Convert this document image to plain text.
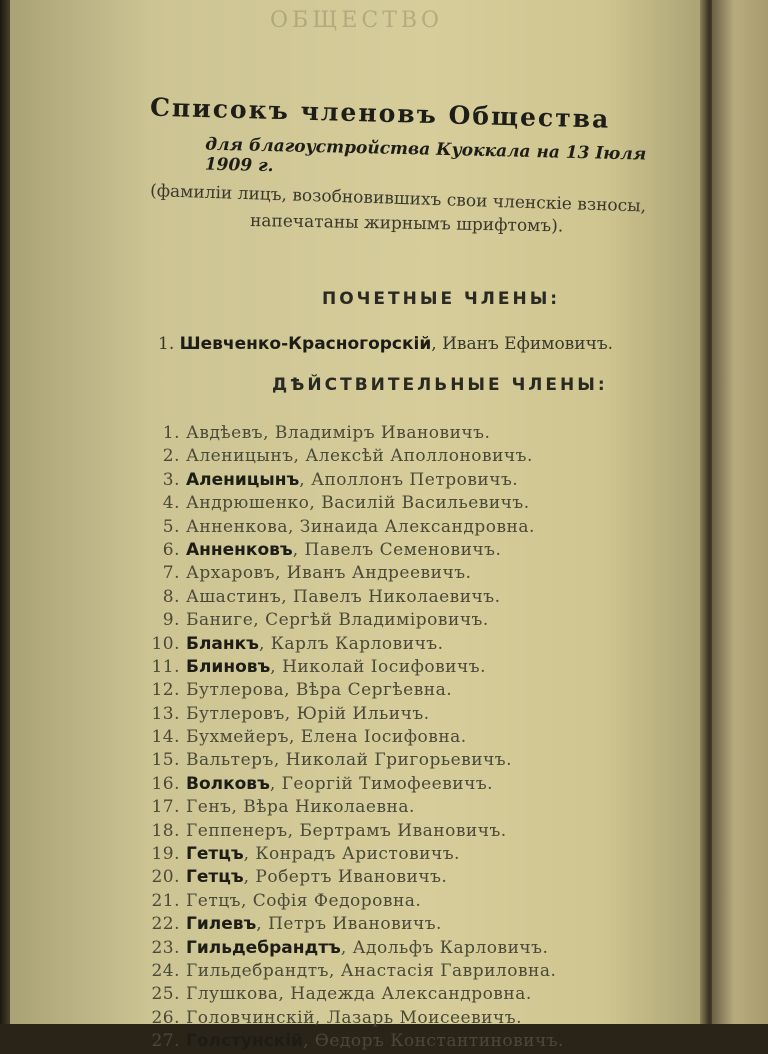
ОБЩЕСТВО
Списокъ членовъ Общества
для благоустройства Куоккала на 13 Іюля 1909 г.
(фамиліи лицъ, возобновившихъ свои членскіе взносы,
напечатаны жирнымъ шрифтомъ).
ПОЧЕТНЫЕ ЧЛЕНЫ:
1. Шевченко-Красногорскій, Иванъ Ефимовичъ.
ДѢЙСТВИТЕЛЬНЫЕ ЧЛЕНЫ:
1. Авдѣевъ, Владиміръ Ивановичъ.
2. Аленицынъ, Алексѣй Аполлоновичъ.
3. Аленицынъ, Аполлонъ Петровичъ.
4. Андрюшенко, Василій Васильевичъ.
5. Анненкова, Зинаида Александровна.
6. Анненковъ, Павелъ Семеновичъ.
7. Архаровъ, Иванъ Андреевичъ.
8. Ашастинъ, Павелъ Николаевичъ.
9. Банигe, Сергѣй Владиміровичъ.
10. Бланкъ, Карлъ Карловичъ.
11. Блиновъ, Николай Іосифовичъ.
12. Бутлерова, Вѣра Сергѣевна.
13. Бутлеровъ, Юрій Ильичъ.
14. Бухмейеръ, Елена Іосифовна.
15. Вальтеръ, Николай Григорьевичъ.
16. Волковъ, Георгій Тимофеевичъ.
17. Генъ, Вѣра Николаевна.
18. Геппенеръ, Бертрамъ Ивановичъ.
19. Гетцъ, Конрадъ Аристовичъ.
20. Гетцъ, Робертъ Ивановичъ.
21. Гетцъ, Софія Федоровна.
22. Гилевъ, Петръ Ивановичъ.
23. Гильдебрандтъ, Адольфъ Карловичъ.
24. Гильдебрандтъ, Анастасія Гавриловна.
25. Глушкова, Надежда Александровна.
26. Головчинскій, Лазарь Моисеевичъ.
27. Голстунскій, Ѳедоръ Константиновичъ.
